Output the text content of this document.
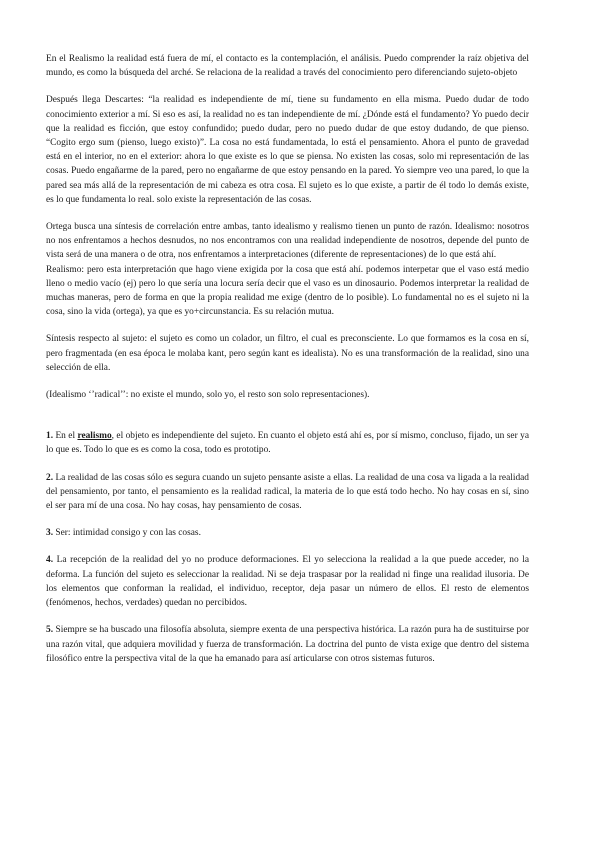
En el Realismo la realidad está fuera de mí, el contacto es la contemplación, el análisis. Puedo comprender la raíz objetiva del mundo, es como la búsqueda del arché. Se relaciona de la realidad a través del conocimiento pero diferenciando sujeto-objeto

Después llega Descartes: “la realidad es independiente de mí, tiene su fundamento en ella misma. Puedo dudar de todo conocimiento exterior a mí. Si eso es así, la realidad no es tan independiente de mí. ¿Dónde está el fundamento? Yo puedo decir que la realidad es ficción, que estoy confundido; puedo dudar, pero no puedo dudar de que estoy dudando, de que pienso. “Cogito ergo sum (pienso, luego existo)”. La cosa no está fundamentada, lo está el pensamiento. Ahora el punto de gravedad está en el interior, no en el exterior: ahora lo que existe es lo que se piensa. No existen las cosas, solo mi representación de las cosas. Puedo engañarme de la pared, pero no engañarme de que estoy pensando en la pared. Yo siempre veo una pared, lo que la pared sea más allá de la representación de mi cabeza es otra cosa. El sujeto es lo que existe, a partir de él todo lo demás existe, es lo que fundamenta lo real. solo existe la representación de las cosas.

Ortega busca una síntesis de correlación entre ambas, tanto idealismo y realismo tienen un punto de razón. Idealismo: nosotros no nos enfrentamos a hechos desnudos, no nos encontramos con una realidad independiente de nosotros, depende del punto de vista será de una manera o de otra, nos enfrentamos a interpretaciones (diferente de representaciones) de lo que está ahí.

Realismo: pero esta interpretación que hago viene exigida por la cosa que está ahí. podemos interpetar que el vaso está medio lleno o medio vacío (ej) pero lo que sería una locura sería decir que el vaso es un dinosaurio. Podemos interpretar la realidad de muchas maneras, pero de forma en que la propia realidad me exige (dentro de lo posible). Lo fundamental no es el sujeto ni la cosa, sino la vida (ortega), ya que es yo+circunstancia. Es su relación mutua.

Síntesis respecto al sujeto: el sujeto es como un colador, un filtro, el cual es preconsciente. Lo que formamos es la cosa en sí, pero fragmentada (en esa época le molaba kant, pero según kant es idealista). No es una transformación de la realidad, sino una selección de ella.

(Idealismo ‘’radical’’: no existe el mundo, solo yo, el resto son solo representaciones).

1. En el realismo, el objeto es independiente del sujeto. En cuanto el objeto está ahí es, por sí mismo, concluso, fijado, un ser ya lo que es. Todo lo que es es como la cosa, todo es prototipo.

2. La realidad de las cosas sólo es segura cuando un sujeto pensante asiste a ellas. La realidad de una cosa va ligada a la realidad del pensamiento, por tanto, el pensamiento es la realidad radical, la materia de lo que está todo hecho. No hay cosas en sí, sino el ser para mí de una cosa. No hay cosas, hay pensamiento de cosas.

3. Ser: intimidad consigo y con las cosas.

4. La recepción de la realidad del yo no produce deformaciones. El yo selecciona la realidad a la que puede acceder, no la deforma. La función del sujeto es seleccionar la realidad. Ni se deja traspasar por la realidad ni finge una realidad ilusoria. De los elementos que conforman la realidad, el individuo, receptor, deja pasar un número de ellos. El resto de elementos (fenómenos, hechos, verdades) quedan no percibidos.

5. Siempre se ha buscado una filosofía absoluta, siempre exenta de una perspectiva histórica. La razón pura ha de sustituirse por una razón vital, que adquiera movilidad y fuerza de transformación. La doctrina del punto de vista exige que dentro del sistema filosófico entre la perspectiva vital de la que ha emanado para así articularse con otros sistemas futuros.
